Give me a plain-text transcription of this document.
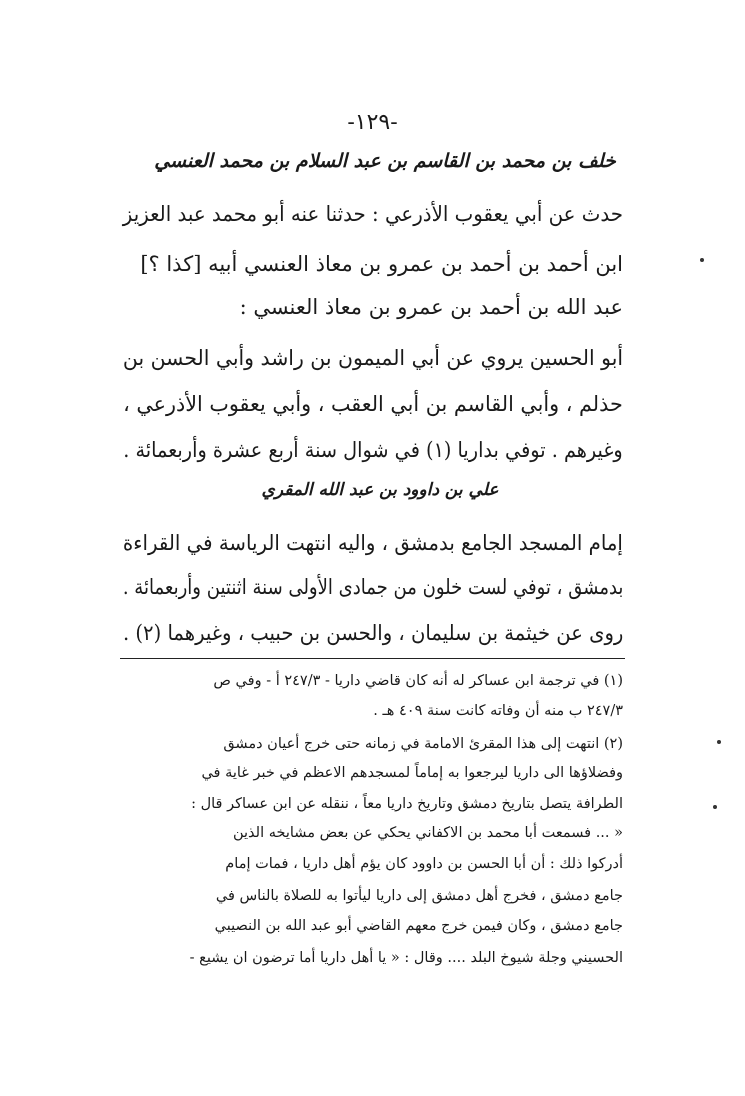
-١٢٩-
خلف بن محمد بن القاسم بن عبد السلام بن محمد العنسي
حدث عن أبي يعقوب الأذرعي : حدثنا عنه أبو محمد عبد العزيز
ابن أحمد بن أحمد بن عمرو بن معاذ العنسي أبيه [كذا ؟]
عبد الله بن أحمد بن عمرو بن معاذ العنسي :
أبو الحسين يروي عن أبي الميمون بن راشد وأبي الحسن بن
حذلم ، وأبي القاسم بن أبي العقب ، وأبي يعقوب الأذرعي ،
وغيرهم . توفي بداريا (١) في شوال سنة أربع عشرة وأربعمائة .
علي بن داوود بن عبد الله المقري
إمام المسجد الجامع بدمشق ، واليه انتهت الرياسة في القراءة
بدمشق ، توفي لست خلون من جمادى الأولى سنة اثنتين وأربعمائة .
روى عن خيثمة بن سليمان ، والحسن بن حبيب ، وغيرهما (٢) .
(١) في ترجمة ابن عساكر له أنه كان قاضي داريا - ٢٤٧/٣ أ - وفي ص
٢٤٧/٣ ب منه أن وفاته كانت سنة ٤٠٩ هـ .
(٢) انتهت إلى هذا المقرئ الامامة في زمانه حتى خرج أعيان دمشق
وفضلاؤها الى داريا ليرجعوا به إماماً لمسجدهم الاعظم في خبر غاية في
الطرافة يتصل بتاريخ دمشق وتاريخ داريا معاً ، ننقله عن ابن عساكر قال :
« ... فسمعت أبا محمد بن الاكفاني يحكي عن بعض مشايخه الذين
أدركوا ذلك : أن أبا الحسن بن داوود كان يؤم أهل داريا ، فمات إمام
جامع دمشق ، فخرج أهل دمشق إلى داريا ليأتوا به للصلاة بالناس في
جامع دمشق ، وكان فيمن خرج معهم القاضي أبو عبد الله بن النصيبي
الحسيني وجلة شيوخ البلد .... وقال : « يا أهل داريا أما ترضون ان يشيع -
